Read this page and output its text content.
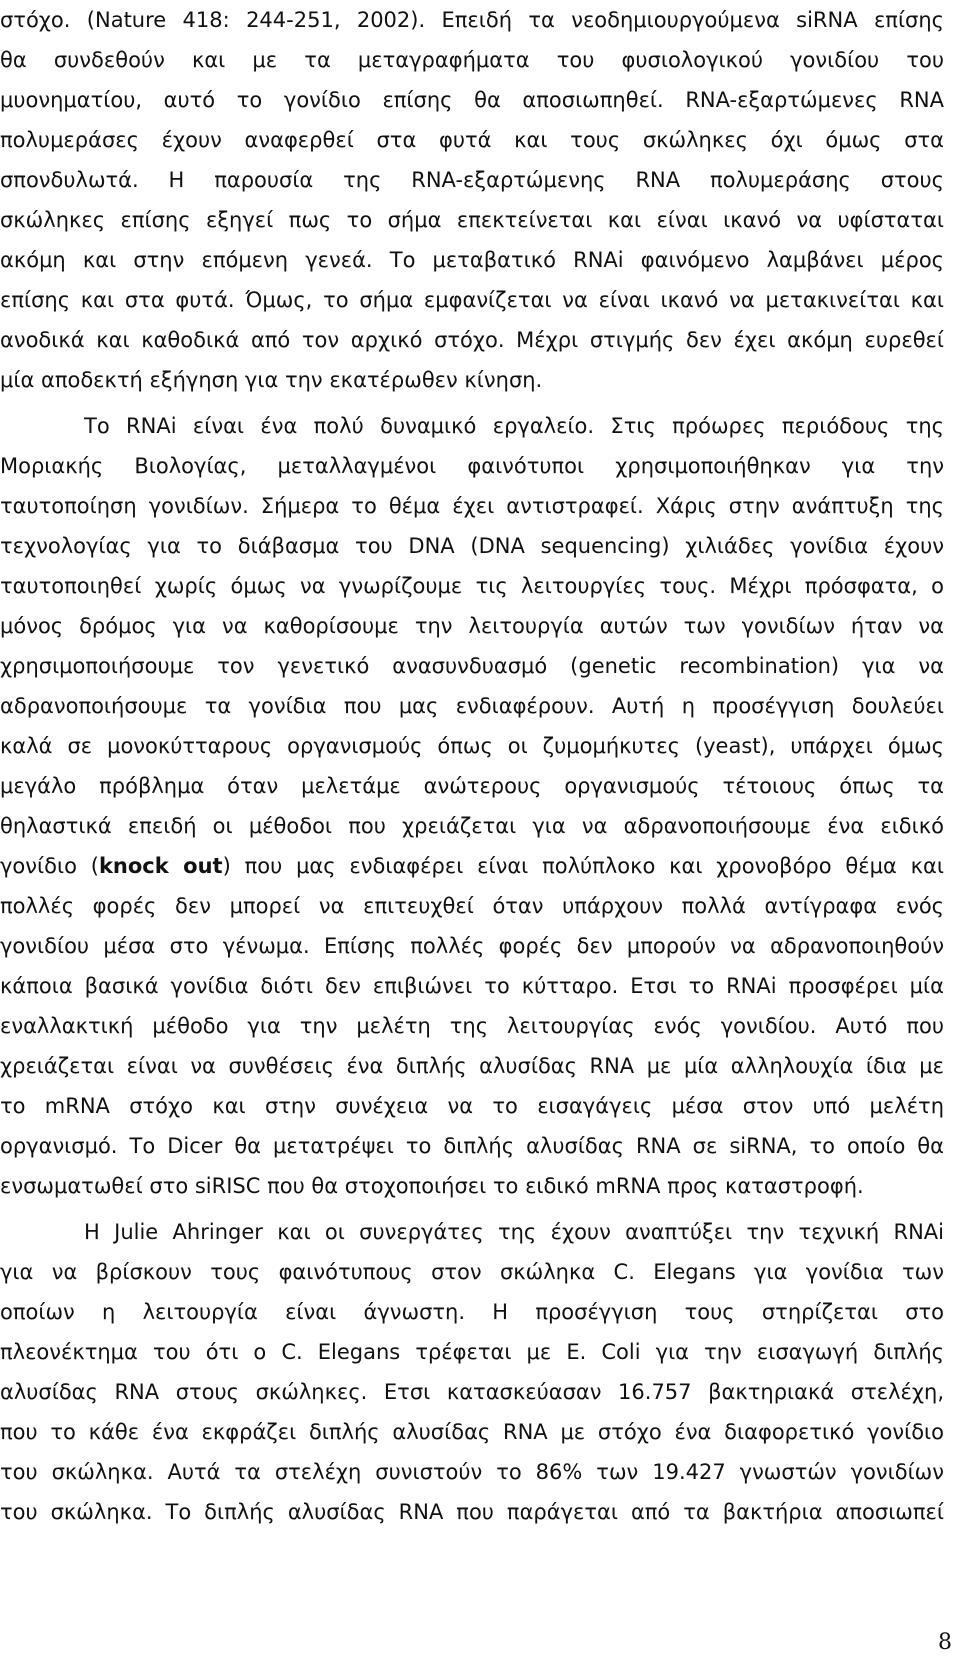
στόχο. (Nature 418: 244-251, 2002). Επειδή τα νεοδημιουργούμενα siRNA επίσης
θα συνδεθούν και με τα μεταγραφήματα του φυσιολογικού γονιδίου του
μυονηματίου, αυτό το γονίδιο επίσης θα αποσιωπηθεί. RNA-εξαρτώμενες RNA
πολυμεράσες έχουν αναφερθεί στα φυτά και τους σκώληκες όχι όμως στα
σπονδυλωτά. Η παρουσία της RNA-εξαρτώμενης RNA πολυμεράσης στους
σκώληκες επίσης εξηγεί πως το σήμα επεκτείνεται και είναι ικανό να υφίσταται
ακόμη και στην επόμενη γενεά. Το μεταβατικό RNAi φαινόμενο λαμβάνει μέρος
επίσης και στα φυτά. Όμως, το σήμα εμφανίζεται να είναι ικανό να μετακινείται και
ανοδικά και καθοδικά από τον αρχικό στόχο. Μέχρι στιγμής δεν έχει ακόμη ευρεθεί
μία αποδεκτή εξήγηση για την εκατέρωθεν κίνηση.
Το RNAi είναι ένα πολύ δυναμικό εργαλείο. Στις πρόωρες περιόδους της
Μοριακής Βιολογίας, μεταλλαγμένοι φαινότυποι χρησιμοποιήθηκαν για την
ταυτοποίηση γονιδίων. Σήμερα το θέμα έχει αντιστραφεί. Χάρις στην ανάπτυξη της
τεχνολογίας για το διάβασμα του DNA (DNA sequencing) χιλιάδες γονίδια έχουν
ταυτοποιηθεί χωρίς όμως να γνωρίζουμε τις λειτουργίες τους. Μέχρι πρόσφατα, ο
μόνος δρόμος για να καθορίσουμε την λειτουργία αυτών των γονιδίων ήταν να
χρησιμοποιήσουμε τον γενετικό ανασυνδυασμό (genetic recombination) για να
αδρανοποιήσουμε τα γονίδια που μας ενδιαφέρουν. Αυτή η προσέγγιση δουλεύει
καλά σε μονοκύτταρους οργανισμούς όπως οι ζυμομήκυτες (yeast), υπάρχει όμως
μεγάλο πρόβλημα όταν μελετάμε ανώτερους οργανισμούς τέτοιους όπως τα
θηλαστικά επειδή οι μέθοδοι που χρειάζεται για να αδρανοποιήσουμε ένα ειδικό
γονίδιο (knock out) που μας ενδιαφέρει είναι πολύπλοκο και χρονοβόρο θέμα και
πολλές φορές δεν μπορεί να επιτευχθεί όταν υπάρχουν πολλά αντίγραφα ενός
γονιδίου μέσα στο γένωμα. Επίσης πολλές φορές δεν μπορούν να αδρανοποιηθούν
κάποια βασικά γονίδια διότι δεν επιβιώνει το κύτταρο. Ετσι το RNAi προσφέρει μία
εναλλακτική μέθοδο για την μελέτη της λειτουργίας ενός γονιδίου. Αυτό που
χρειάζεται είναι να συνθέσεις ένα διπλής αλυσίδας RNA με μία αλληλουχία ίδια με
το mRNA στόχο και στην συνέχεια να το εισαγάγεις μέσα στον υπό μελέτη
οργανισμό. Το Dicer θα μετατρέψει το διπλής αλυσίδας RNA σε siRNA, το οποίο θα
ενσωματωθεί στο siRISC που θα στοχοποιήσει το ειδικό mRNA προς καταστροφή.
Η Julie Ahringer και οι συνεργάτες της έχουν αναπτύξει την τεχνική RNAi
για να βρίσκουν τους φαινότυπους στον σκώληκα C. Elegans για γονίδια των
οποίων η λειτουργία είναι άγνωστη. Η προσέγγιση τους στηρίζεται στο
πλεονέκτημα του ότι ο C. Elegans τρέφεται με E. Coli για την εισαγωγή διπλής
αλυσίδας RNA στους σκώληκες. Ετσι κατασκεύασαν 16.757 βακτηριακά στελέχη,
που το κάθε ένα εκφράζει διπλής αλυσίδας RNA με στόχο ένα διαφορετικό γονίδιο
του σκώληκα. Αυτά τα στελέχη συνιστούν το 86% των 19.427 γνωστών γονιδίων
του σκώληκα. Το διπλής αλυσίδας RNA που παράγεται από τα βακτήρια αποσιωπεί
8
